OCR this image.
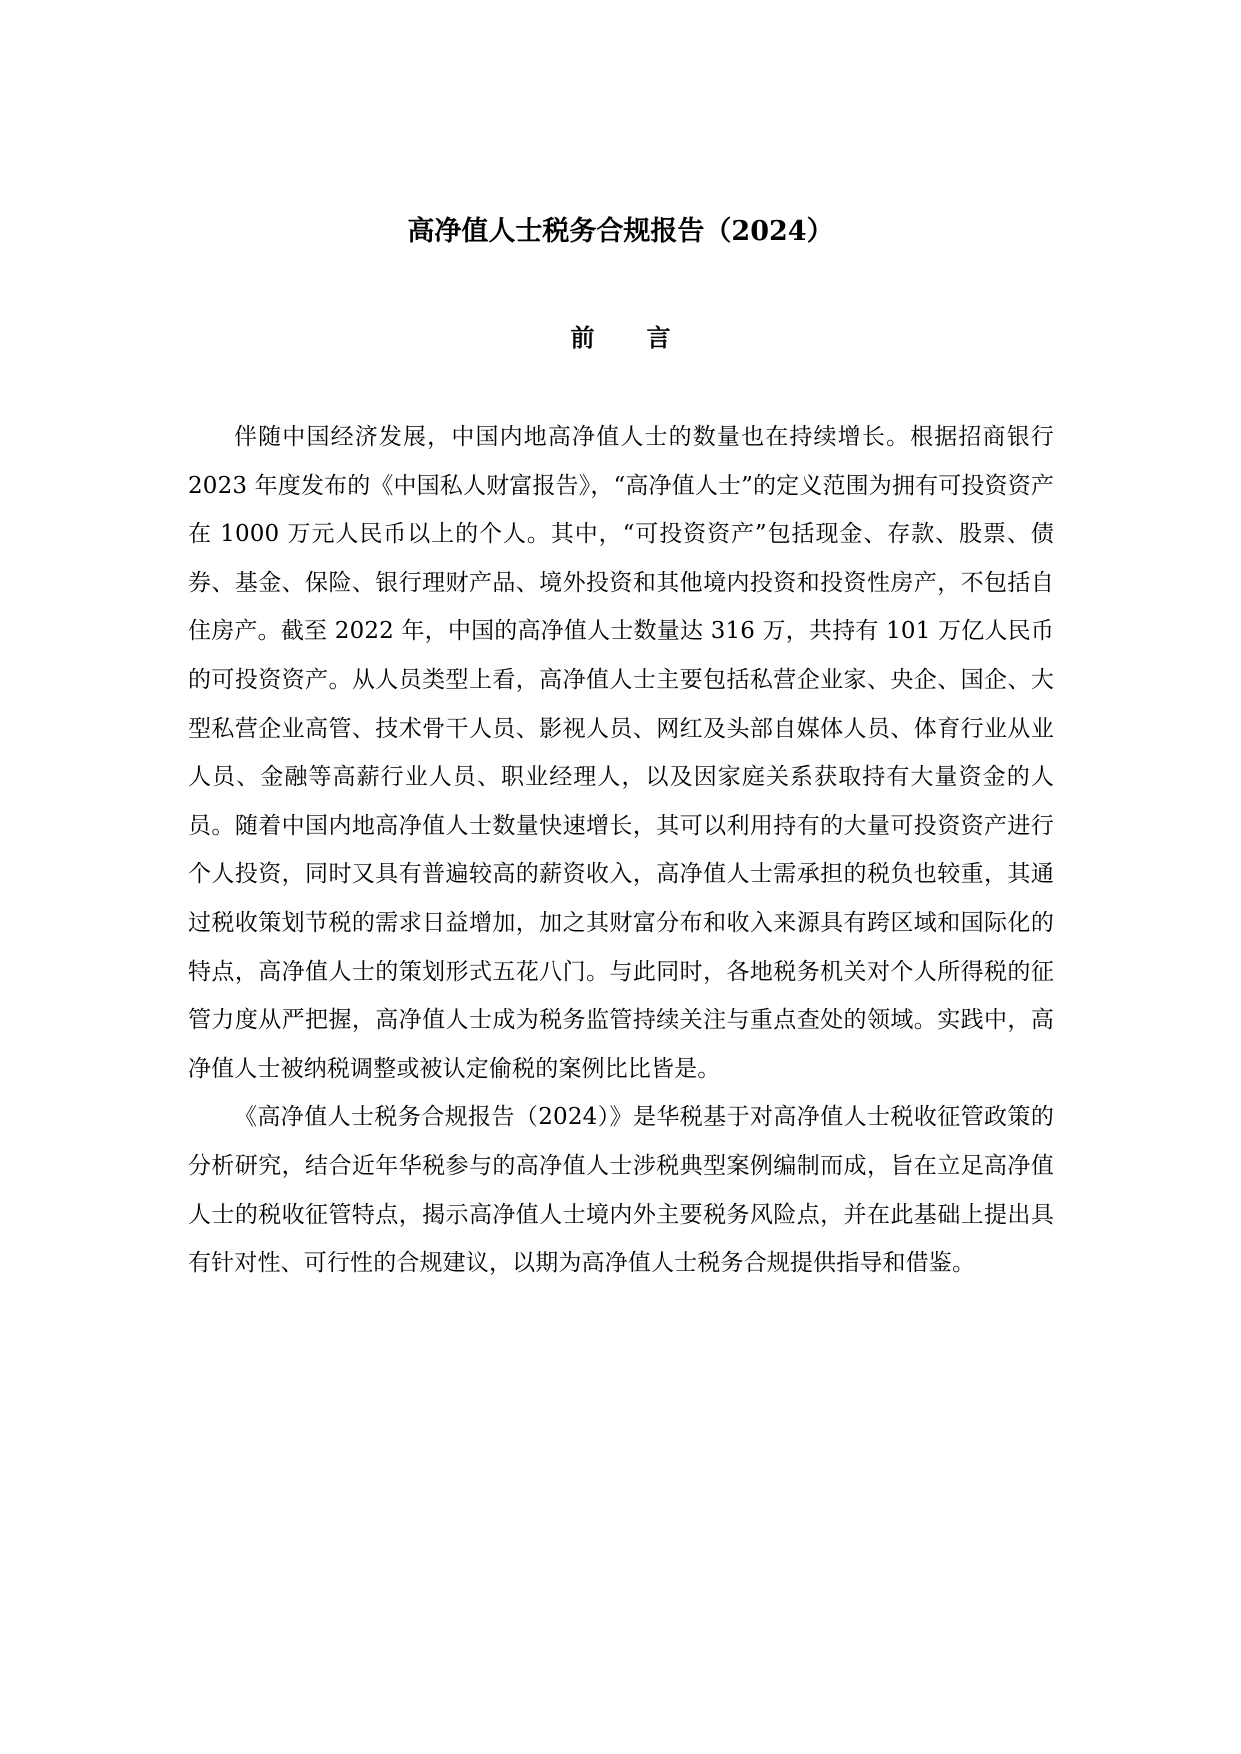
高净值人士税务合规报告（2024）
前 言

伴随中国经济发展，中国内地高净值人士的数量也在持续增长。根据招商银行 2023 年度发布的《中国私人财富报告》，“高净值人士”的定义范围为拥有可投资资产在 1000 万元人民币以上的个人。其中，“可投资资产”包括现金、存款、股票、债券、基金、保险、银行理财产品、境外投资和其他境内投资和投资性房产，不包括自住房产。截至 2022 年，中国的高净值人士数量达 316 万，共持有 101 万亿人民币的可投资资产。从人员类型上看，高净值人士主要包括私营企业家、央企、国企、大型私营企业高管、技术骨干人员、影视人员、网红及头部自媒体人员、体育行业从业人员、金融等高薪行业人员、职业经理人，以及因家庭关系获取持有大量资金的人员。随着中国内地高净值人士数量快速增长，其可以利用持有的大量可投资资产进行个人投资，同时又具有普遍较高的薪资收入，高净值人士需承担的税负也较重，其通过税收策划节税的需求日益增加，加之其财富分布和收入来源具有跨区域和国际化的特点，高净值人士的策划形式五花八门。与此同时，各地税务机关对个人所得税的征管力度从严把握，高净值人士成为税务监管持续关注与重点查处的领域。实践中，高净值人士被纳税调整或被认定偷税的案例比比皆是。

《高净值人士税务合规报告（2024）》是华税基于对高净值人士税收征管政策的分析研究，结合近年华税参与的高净值人士涉税典型案例编制而成，旨在立足高净值人士的税收征管特点，揭示高净值人士境内外主要税务风险点，并在此基础上提出具有针对性、可行性的合规建议，以期为高净值人士税务合规提供指导和借鉴。
